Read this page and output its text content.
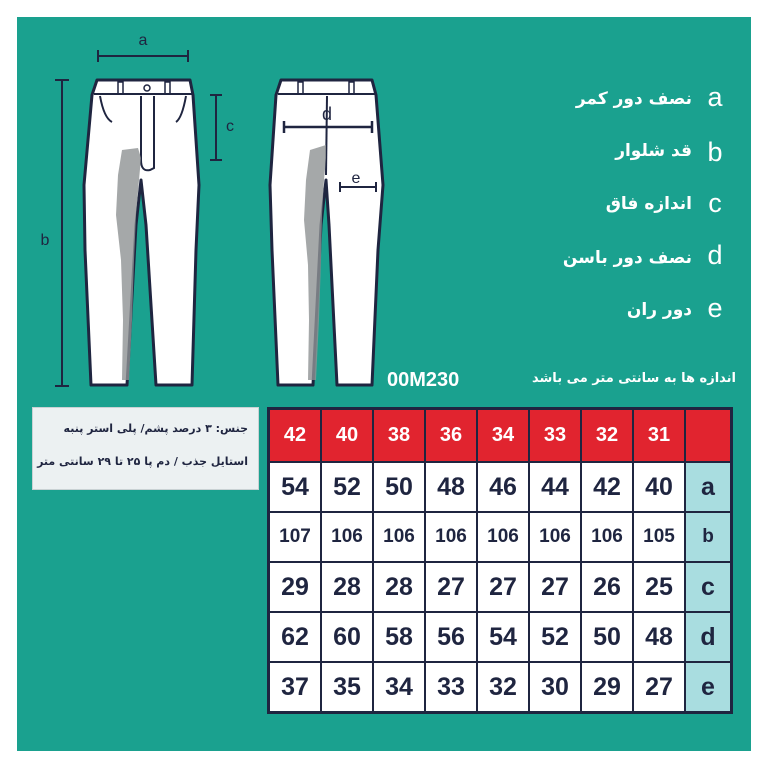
a
b
c
d
e
a
نصف دور کمر
b
قد شلوار
c
اندازه فاق
d
نصف دور باسن
e
دور ران
00M230	اندازه ها به سانتی متر می باشد
جنس: ۳ درصد پشم/ پلی استر پنبه
استایل جذب / دم پا ۲۵ تا ۲۹ سانتی متر
42	40	38	36	34	33	32	31	
54	52	50	48	46	44	42	40	a
107	106	106	106	106	106	106	105	b
29	28	28	27	27	27	26	25	c
62	60	58	56	54	52	50	48	d
37	35	34	33	32	30	29	27	e
